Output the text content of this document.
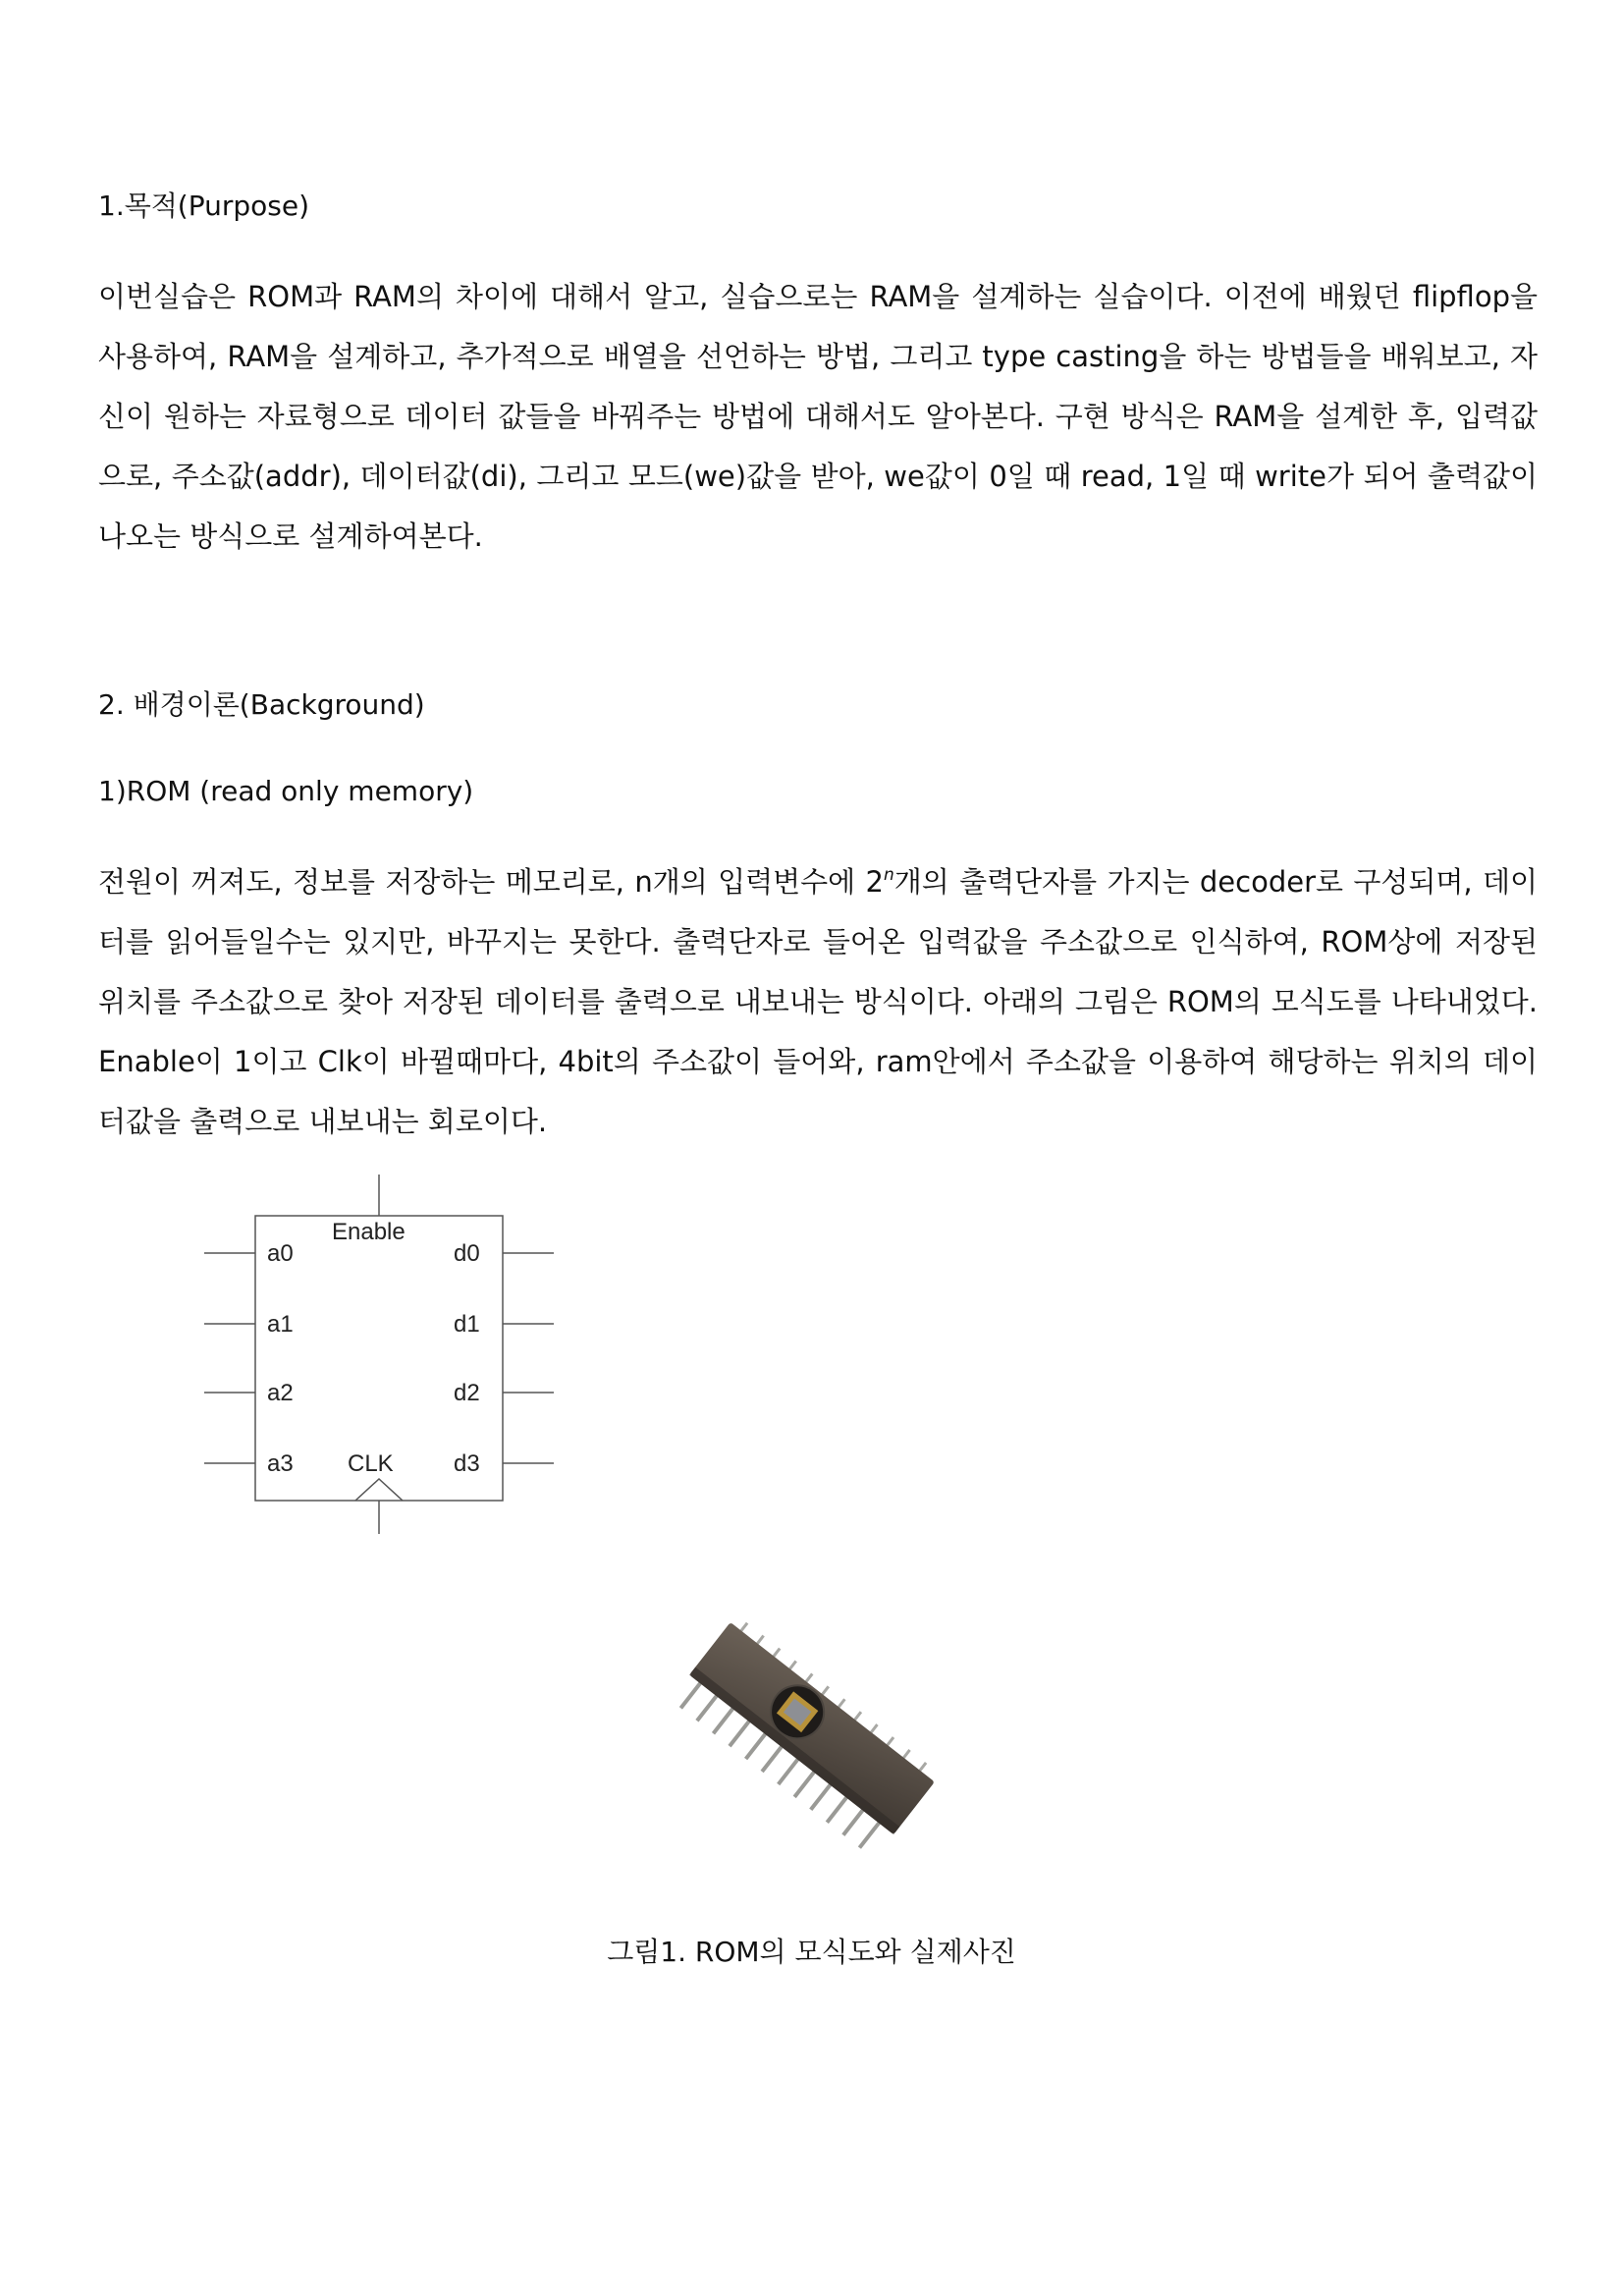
1.목적(Purpose)

이번실습은 ROM과 RAM의 차이에 대해서 알고, 실습으로는 RAM을 설계하는 실습이다. 이전에 배웠던 flipflop을 사용하여, RAM을 설계하고, 추가적으로 배열을 선언하는 방법, 그리고 type casting을 하는 방법들을 배워보고, 자신이 원하는 자료형으로 데이터 값들을 바꿔주는 방법에 대해서도 알아본다. 구현 방식은 RAM을 설계한 후, 입력값으로, 주소값(addr), 데이터값(di), 그리고 모드(we)값을 받아, we값이 0일 때 read, 1일 때 write가 되어 출력값이 나오는 방식으로 설계하여본다.

2. 배경이론(Background)
1)ROM (read only memory)

전원이 꺼져도, 정보를 저장하는 메모리로, n개의 입력변수에 2$^n$개의 출력단자를 가지는 decoder로 구성되며, 데이터를 읽어들일수는 있지만, 바꾸지는 못한다. 출력단자로 들어온 입력값을 주소값으로 인식하여, ROM상에 저장된 위치를 주소값으로 찾아 저장된 데이터를 출력으로 내보내는 방식이다. 아래의 그림은 ROM의 모식도를 나타내었다. Enable이 1이고 Clk이 바뀔때마다, 4bit의 주소값이 들어와, ram안에서 주소값을 이용하여 해당하는 위치의 데이터값을 출력으로 내보내는 회로이다.

Enable
a0
a1
a2
a3
d0
d1
d2
d3
CLK
그림1. ROM의 모식도와 실제사진
